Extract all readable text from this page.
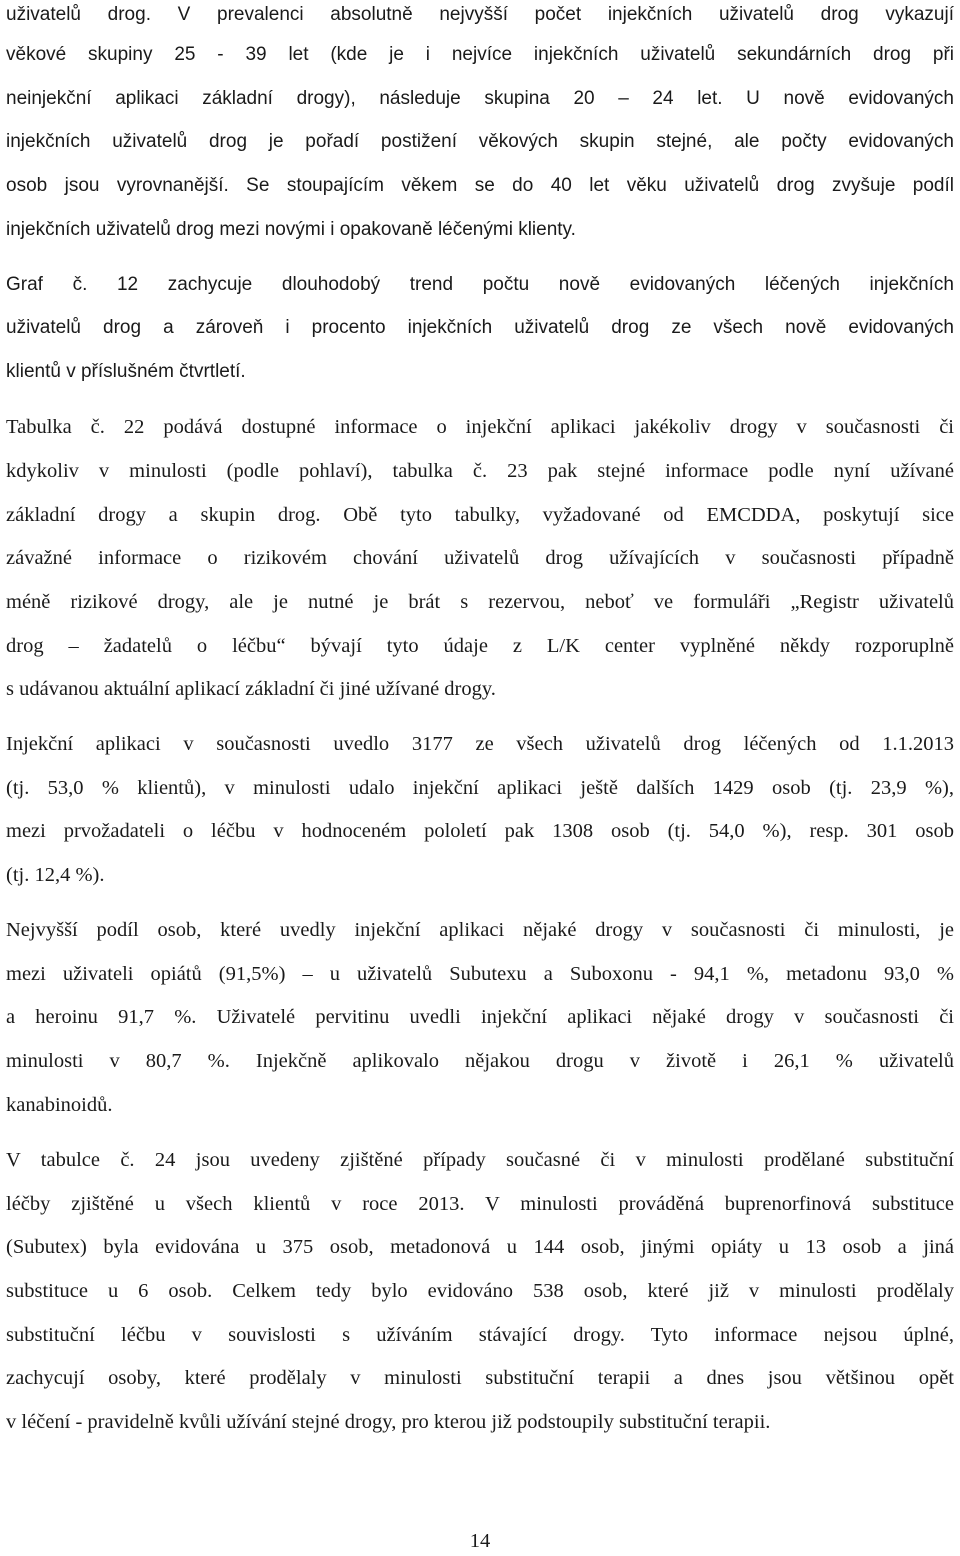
uživatelů drog. V prevalenci absolutně nejvyšší počet injekčních uživatelů drog vykazují
věkové skupiny 25 - 39 let (kde je i nejvíce injekčních uživatelů sekundárních drog při
neinjekční aplikaci základní drogy), následuje skupina 20 – 24 let. U nově evidovaných
injekčních uživatelů drog je pořadí postižení věkových skupin stejné, ale počty evidovaných
osob jsou vyrovnanější. Se stoupajícím věkem se do 40 let věku uživatelů drog zvyšuje podíl
injekčních uživatelů drog mezi novými i opakovaně léčenými klienty.
Graf č. 12 zachycuje dlouhodobý trend počtu nově evidovaných léčených injekčních
uživatelů drog a zároveň i procento injekčních uživatelů drog ze všech nově evidovaných
klientů v příslušném čtvrtletí.
Tabulka č. 22 podává dostupné informace o injekční aplikaci jakékoliv drogy v současnosti či
kdykoliv v minulosti (podle pohlaví), tabulka č. 23 pak stejné informace podle nyní užívané
základní drogy a skupin drog. Obě tyto tabulky, vyžadované od EMCDDA, poskytují sice
závažné informace o rizikovém chování uživatelů drog užívajících v současnosti případně
méně rizikové drogy, ale je nutné je brát s rezervou, neboť ve formuláři „Registr uživatelů
drog – žadatelů o léčbu“ bývají tyto údaje z L/K center vyplněné někdy rozporuplně
s udávanou aktuální aplikací základní či jiné užívané drogy.
Injekční aplikaci v současnosti uvedlo 3177 ze všech uživatelů drog léčených od 1.1.2013
(tj. 53,0 % klientů), v minulosti udalo injekční aplikaci ještě dalších 1429 osob (tj. 23,9 %),
mezi prvožadateli o léčbu v hodnoceném pololetí pak 1308 osob (tj. 54,0 %), resp. 301 osob
(tj. 12,4 %).
Nejvyšší podíl osob, které uvedly injekční aplikaci nějaké drogy v současnosti či minulosti, je
mezi uživateli opiátů (91,5%) – u uživatelů Subutexu a Suboxonu - 94,1 %, metadonu 93,0 %
a heroinu 91,7 %. Uživatelé pervitinu uvedli injekční aplikaci nějaké drogy v současnosti či
minulosti v 80,7 %. Injekčně aplikovalo nějakou drogu v životě i 26,1 % uživatelů
kanabinoidů.
V tabulce č. 24 jsou uvedeny zjištěné případy současné či v minulosti prodělané substituční
léčby zjištěné u všech klientů v roce 2013. V minulosti prováděná buprenorfinová substituce
(Subutex) byla evidována u 375 osob, metadonová u 144 osob, jinými opiáty u 13 osob a jiná
substituce u 6 osob. Celkem tedy bylo evidováno 538 osob, které již v minulosti prodělaly
substituční léčbu v souvislosti s užíváním stávající drogy. Tyto informace nejsou úplné,
zachycují osoby, které prodělaly v minulosti substituční terapii a dnes jsou většinou opět
v léčení - pravidelně kvůli užívání stejné drogy, pro kterou již podstoupily substituční terapii.
14
